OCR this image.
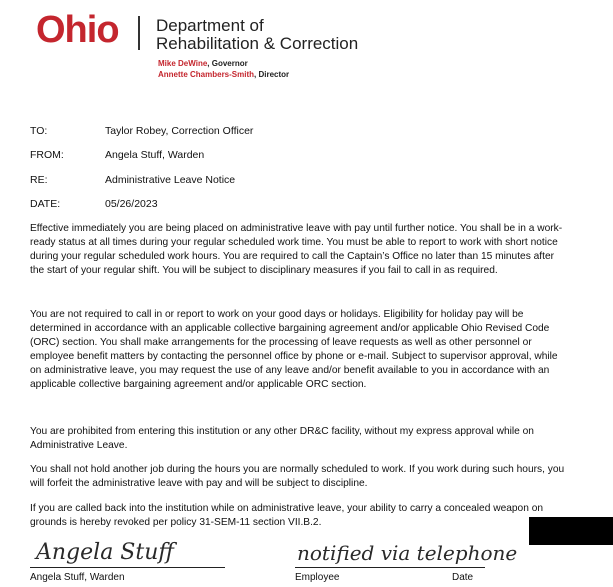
Ohio Department of
Rehabilitation & Correction
Mike DeWine, Governor
Annette Chambers-Smith, Director
TO:	Taylor Robey, Correction Officer
FROM:	Angela Stuff, Warden
RE:	Administrative Leave Notice
DATE:	05/26/2023

Effective immediately you are being placed on administrative leave with pay until further notice. You shall be in a work-ready status at all times during your regular scheduled work time. You must be able to report to work with short notice during your regular scheduled work hours. You are required to call the Captain’s Office no later than 15 minutes after the start of your regular shift. You will be subject to disciplinary measures if you fail to call in as required.

You are not required to call in or report to work on your good days or holidays. Eligibility for holiday pay will be determined in accordance with an applicable collective bargaining agreement and/or applicable Ohio Revised Code (ORC) section. You shall make arrangements for the processing of leave requests as well as other personnel or employee benefit matters by contacting the personnel office by phone or e-mail. Subject to supervisor approval, while on administrative leave, you may request the use of any leave and/or benefit available to you in accordance with an applicable collective bargaining agreement and/or applicable ORC section.

You are prohibited from entering this institution or any other DR&C facility, without my express approval while on Administrative Leave.

You shall not hold another job during the hours you are normally scheduled to work. If you work during such hours, you will forfeit the administrative leave with pay and will be subject to discipline.

If you are called back into the institution while on administrative leave, your ability to carry a concealed weapon on grounds is hereby revoked per policy 31-SEM-11 section VII.B.2.

Angela Stuff	notified via telephone
Angela Stuff, Warden	Employee	Date
